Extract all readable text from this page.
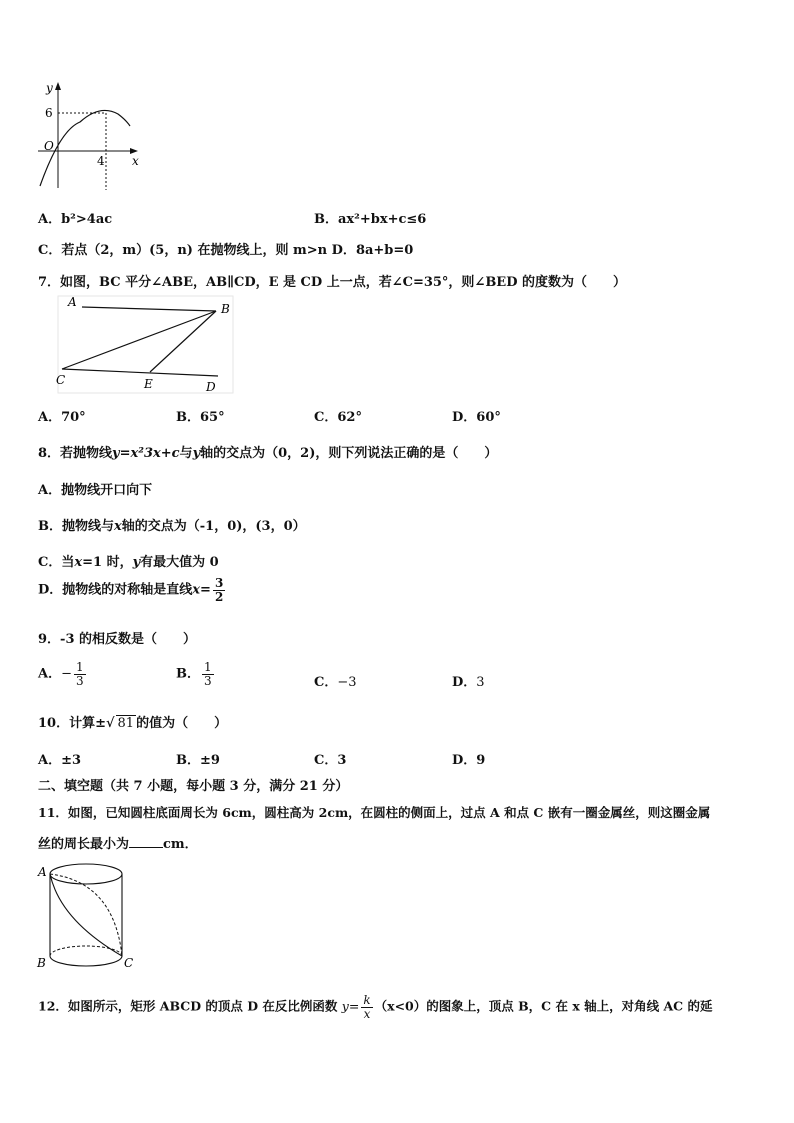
y
6
O
4 x
A．b²>4ac	B．ax²+bx+c≤6
C．若点（2，m）(5，n) 在抛物线上，则 m>n D．8a+b=0
7．如图，BC 平分∠ABE，AB∥CD，E 是 CD 上一点，若∠C=35°，则∠BED 的度数为（　　）
A	B
C	E	D
A．70°	B．65°	C．62°	D．60°
8．若抛物线y=x²3x+c与y轴的交点为（0，2)，则下列说法正确的是（　　）
A．抛物线开口向下
B．抛物线与x轴的交点为（-1，0)，(3，0）
C．当x=1 时，y有最大值为 0
D．抛物线的对称轴是直线$x= \frac{3}{2}$
9．-3 的相反数是（　　）
A．− $\frac{1}{3}$	B． $\frac{1}{3}$	C．−3	D．3
10．计算±√ 81 的值为（　　）
A．±3	B．±9	C．3	D．9
二、填空题（共 7 小题，每小题 3 分，满分 21 分）
11．如图，已知圆柱底面周长为 6cm，圆柱高为 2cm，在圆柱的侧面上，过点 A 和点 C 嵌有一圈金属丝，则这圈金属
丝的周长最小为	cm．
A
B	C
12．如图所示，矩形 ABCD 的顶点 D 在反比例函数 $y= \frac{k}{x} (x<0)$的图象上，顶点 B，C 在 x 轴上，对角线 AC 的延
